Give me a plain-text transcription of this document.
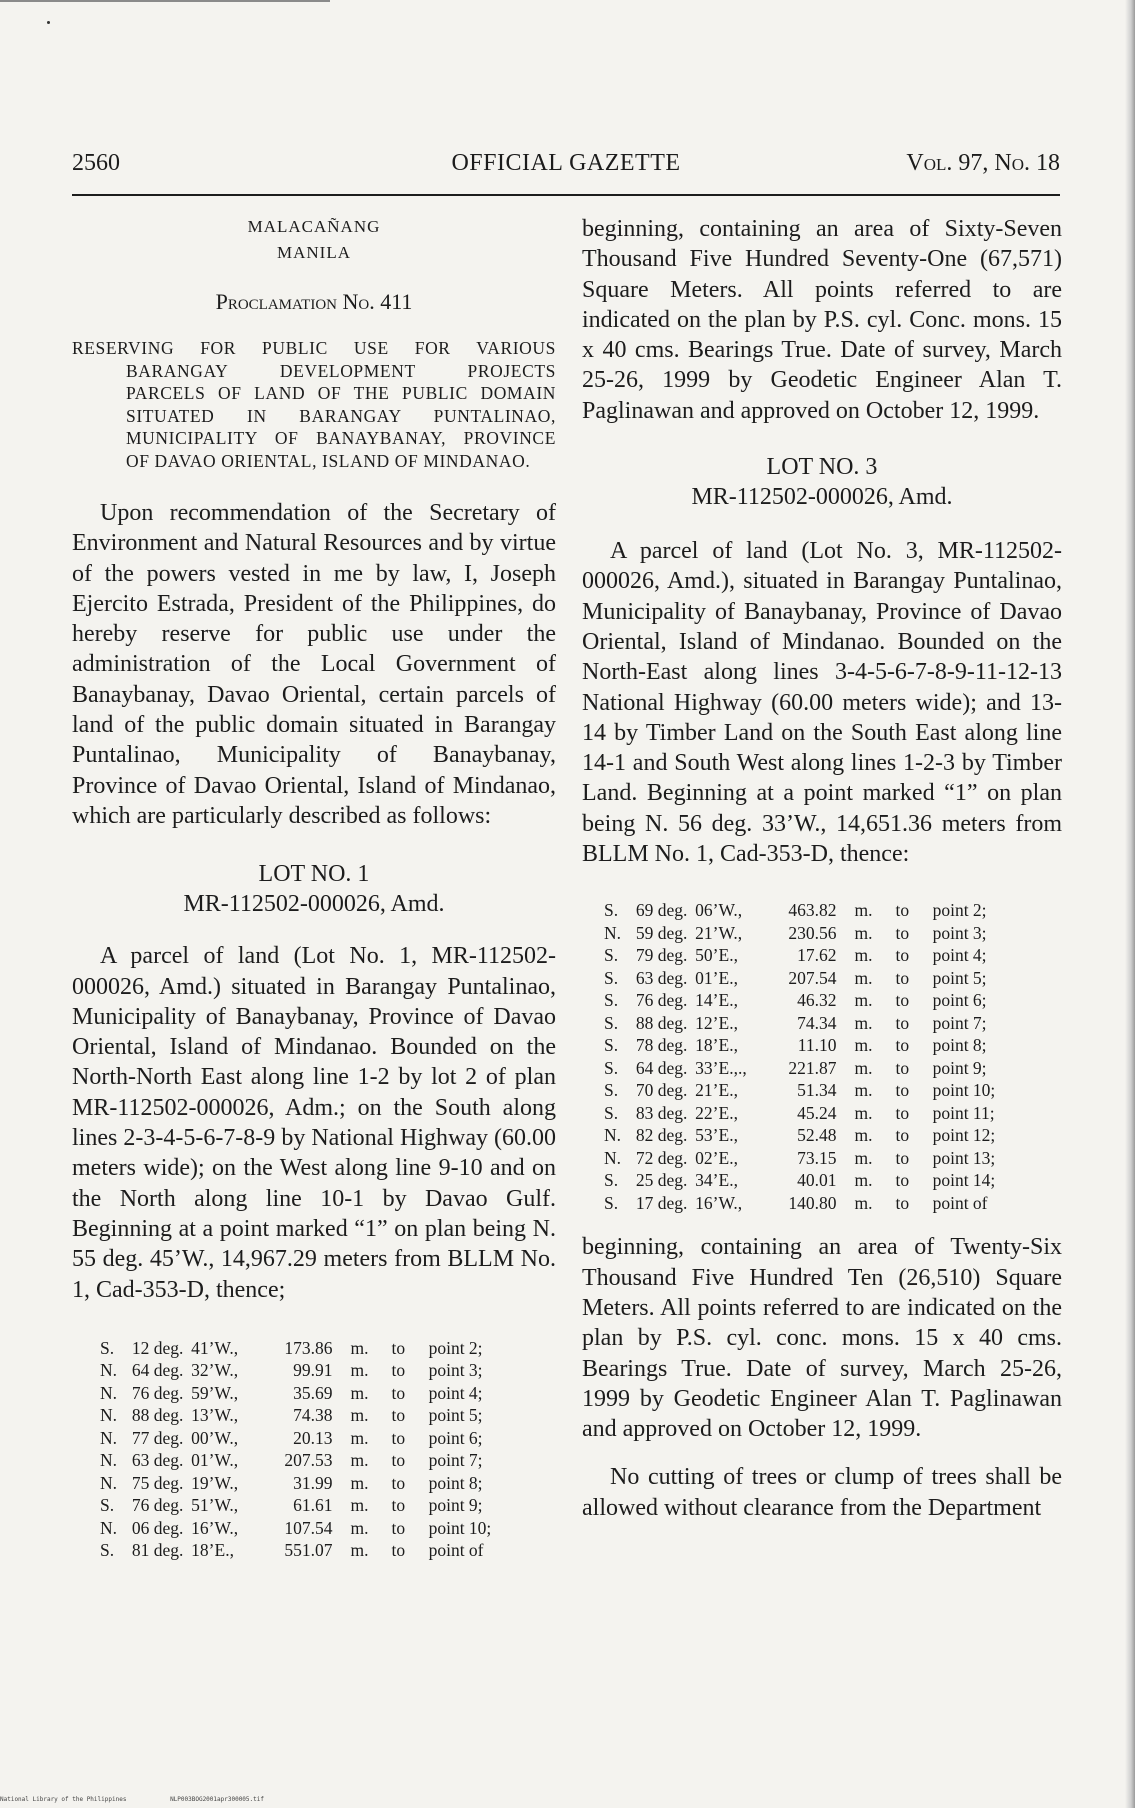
2560	OFFICIAL GAZETTE	Vol. 97, No. 18
MALACAÑANG
MANILA
Proclamation No. 411
RESERVING FOR PUBLIC USE FOR VARIOUS
BARANGAY DEVELOPMENT PROJECTS
PARCELS OF LAND OF THE PUBLIC DOMAIN
SITUATED IN BARANGAY PUNTALINAO,
MUNICIPALITY OF BANAYBANAY, PROVINCE
OF DAVAO ORIENTAL, ISLAND OF MINDANAO.

Upon recommendation of the Secretary of Environment and Natural Resources and by virtue of the powers vested in me by law, I, Joseph Ejercito Estrada, President of the Philippines, do hereby reserve for public use under the administration of the Local Government of Banaybanay, Davao Oriental, certain parcels of land of the public domain situated in Barangay Puntalinao, Municipality of Banaybanay, Province of Davao Oriental, Island of Mindanao, which are particularly described as follows:

LOT NO. 1

MR-112502-000026, Amd.

A parcel of land (Lot No. 1, MR-112502-000026, Amd.) situated in Barangay Puntalinao, Municipality of Banaybanay, Province of Davao Oriental, Island of Mindanao. Bounded on the North-North East along line 1-2 by lot 2 of plan MR-112502-000026, Adm.; on the South along lines 2-3-4-5-6-7-8-9 by National Highway (60.00 meters wide); on the West along line 9-10 and on the North along line 10-1 by Davao Gulf. Beginning at a point marked “1” on plan being N. 55 deg. 45’W., 14,967.29 meters from BLLM No. 1, Cad-353-D, thence;

S.	12 deg.	41’W.,	173.86	m.	to	point 2;
N.	64 deg.	32’W.,	99.91	m.	to	point 3;
N.	76 deg.	59’W.,	35.69	m.	to	point 4;
N.	88 deg.	13’W.,	74.38	m.	to	point 5;
N.	77 deg.	00’W.,	20.13	m.	to	point 6;
N.	63 deg.	01’W.,	207.53	m.	to	point 7;
N.	75 deg.	19’W.,	31.99	m.	to	point 8;
S.	76 deg.	51’W.,	61.61	m.	to	point 9;
N.	06 deg.	16’W.,	107.54	m.	to	point 10;
S.	81 deg.	18’E.,	551.07	m.	to	point of

beginning, containing an area of Sixty-Seven Thousand Five Hundred Seventy-One (67,571) Square Meters. All points referred to are indicated on the plan by P.S. cyl. Conc. mons. 15 x 40 cms. Bearings True. Date of survey, March 25-26, 1999 by Geodetic Engineer Alan T. Paglinawan and approved on October 12, 1999.

LOT NO. 3

MR-112502-000026, Amd.

A parcel of land (Lot No. 3, MR-112502-000026, Amd.), situated in Barangay Puntalinao, Municipality of Banaybanay, Province of Davao Oriental, Island of Mindanao. Bounded on the North-East along lines 3-4-5-6-7-8-9-11-12-13 National Highway (60.00 meters wide); and 13-14 by Timber Land on the South East along line 14-1 and South West along lines 1-2-3 by Timber Land. Beginning at a point marked “1” on plan being N. 56 deg. 33’W., 14,651.36 meters from BLLM No. 1, Cad-353-D, thence:

S.	69 deg.	06’W.,	463.82	m.	to	point 2;
N.	59 deg.	21’W.,	230.56	m.	to	point 3;
S.	79 deg.	50’E.,	17.62	m.	to	point 4;
S.	63 deg.	01’E.,	207.54	m.	to	point 5;
S.	76 deg.	14’E.,	46.32	m.	to	point 6;
S.	88 deg.	12’E.,	74.34	m.	to	point 7;
S.	78 deg.	18’E.,	11.10	m.	to	point 8;
S.	64 deg.	33’E.,.,	221.87	m.	to	point 9;
S.	70 deg.	21’E.,	51.34	m.	to	point 10;
S.	83 deg.	22’E.,	45.24	m.	to	point 11;
N.	82 deg.	53’E.,	52.48	m.	to	point 12;
N.	72 deg.	02’E.,	73.15	m.	to	point 13;
S.	25 deg.	34’E.,	40.01	m.	to	point 14;
S.	17 deg.	16’W.,	140.80	m.	to	point of

beginning, containing an area of Twenty-Six Thousand Five Hundred Ten (26,510) Square Meters. All points referred to are indicated on the plan by P.S. cyl. conc. mons. 15 x 40 cms. Bearings True. Date of survey, March 25-26, 1999 by Geodetic Engineer Alan T. Paglinawan and approved on October 12, 1999.

No cutting of trees or clump of trees shall be allowed without clearance from the Department

National Library of the Philippines	NLP003BOG2001apr300005.tif
